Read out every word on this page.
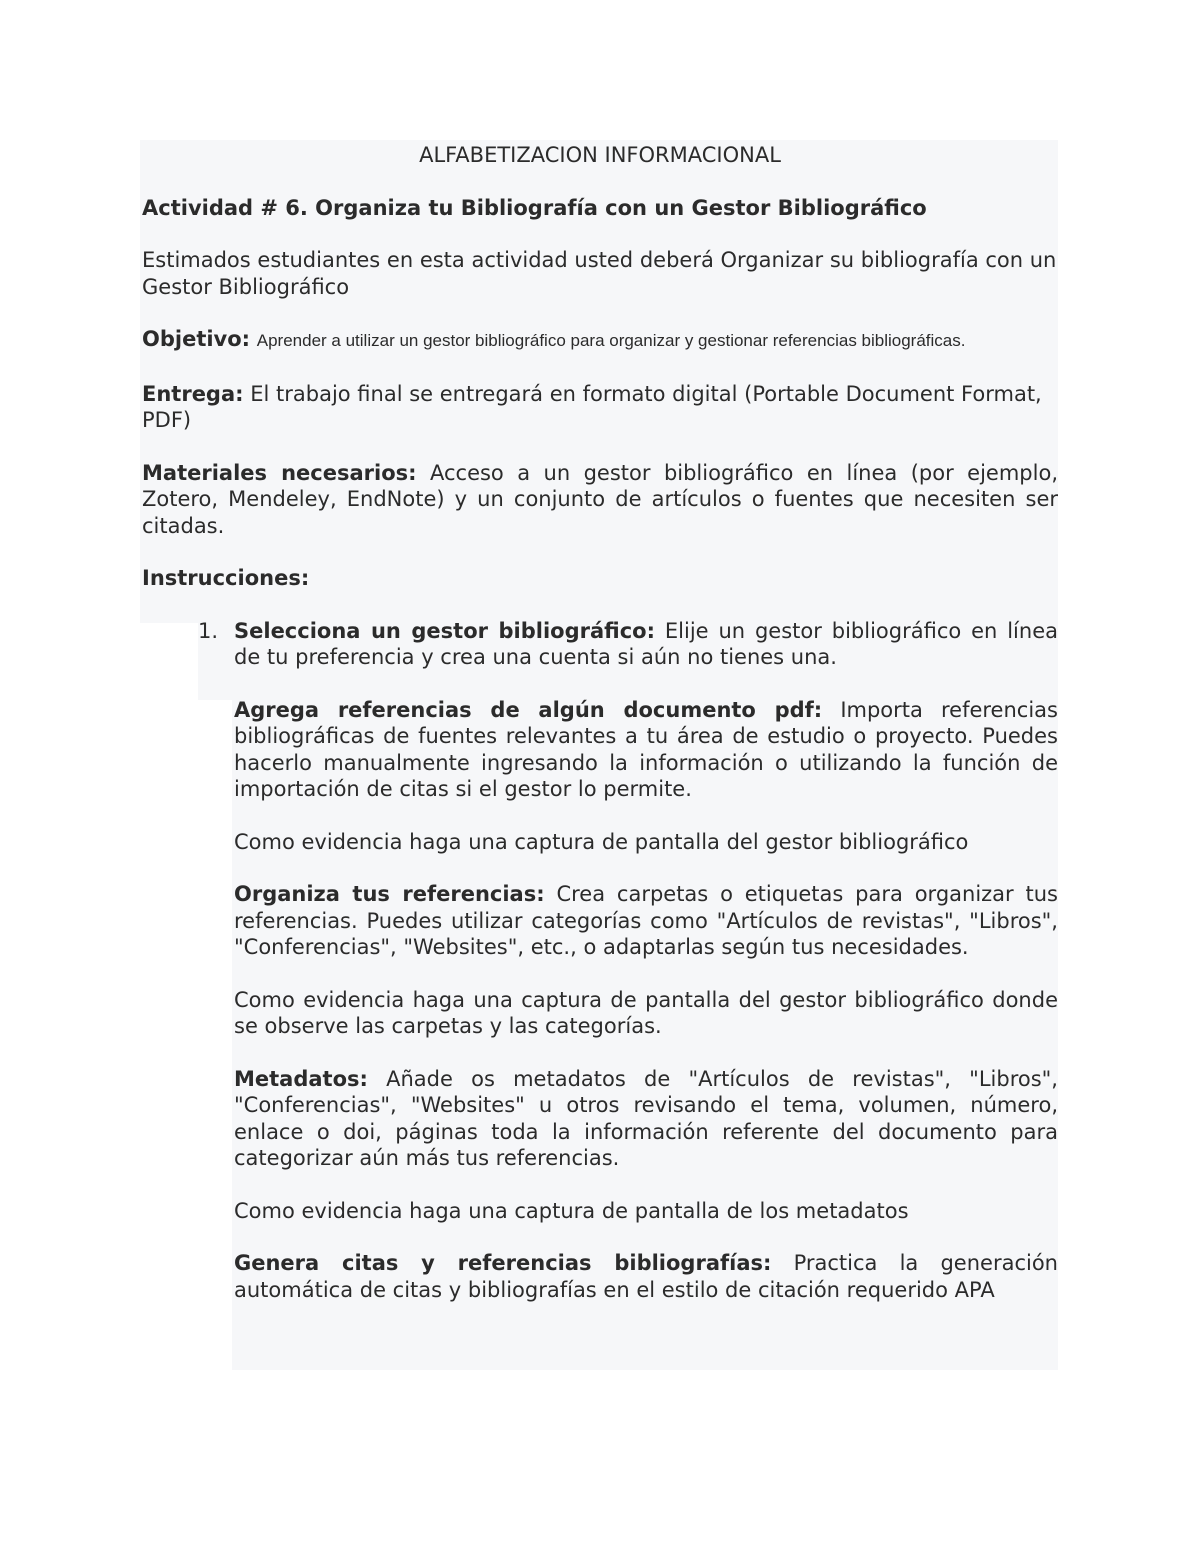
ALFABETIZACION INFORMACIONAL

Actividad # 6. Organiza tu Bibliografía con un Gestor Bibliográfico

Estimados estudiantes en esta actividad usted deberá Organizar su bibliografía con un Gestor Bibliográfico

Objetivo: Aprender a utilizar un gestor bibliográfico para organizar y gestionar referencias bibliográficas.

Entrega: El trabajo final se entregará en formato digital (Portable Document Format, PDF)

Materiales necesarios: Acceso a un gestor bibliográfico en línea (por ejemplo, Zotero, Mendeley, EndNote) y un conjunto de artículos o fuentes que necesiten ser citadas.

Instrucciones:

1. Selecciona un gestor bibliográfico: Elije un gestor bibliográfico en línea de tu preferencia y crea una cuenta si aún no tienes una.

Agrega referencias de algún documento pdf: Importa referencias bibliográficas de fuentes relevantes a tu área de estudio o proyecto. Puedes hacerlo manualmente ingresando la información o utilizando la función de importación de citas si el gestor lo permite.

Como evidencia haga una captura de pantalla del gestor bibliográfico

Organiza tus referencias: Crea carpetas o etiquetas para organizar tus referencias. Puedes utilizar categorías como "Artículos de revistas", "Libros", "Conferencias", "Websites", etc., o adaptarlas según tus necesidades.

Como evidencia haga una captura de pantalla del gestor bibliográfico donde se observe las carpetas y las categorías.

Metadatos: Añade os metadatos de "Artículos de revistas", "Libros", "Conferencias", "Websites" u otros revisando el tema, volumen, número, enlace o doi, páginas toda la información referente del documento para categorizar aún más tus referencias.

Como evidencia haga una captura de pantalla de los metadatos

Genera citas y referencias bibliografías: Practica la generación automática de citas y bibliografías en el estilo de citación requerido APA
